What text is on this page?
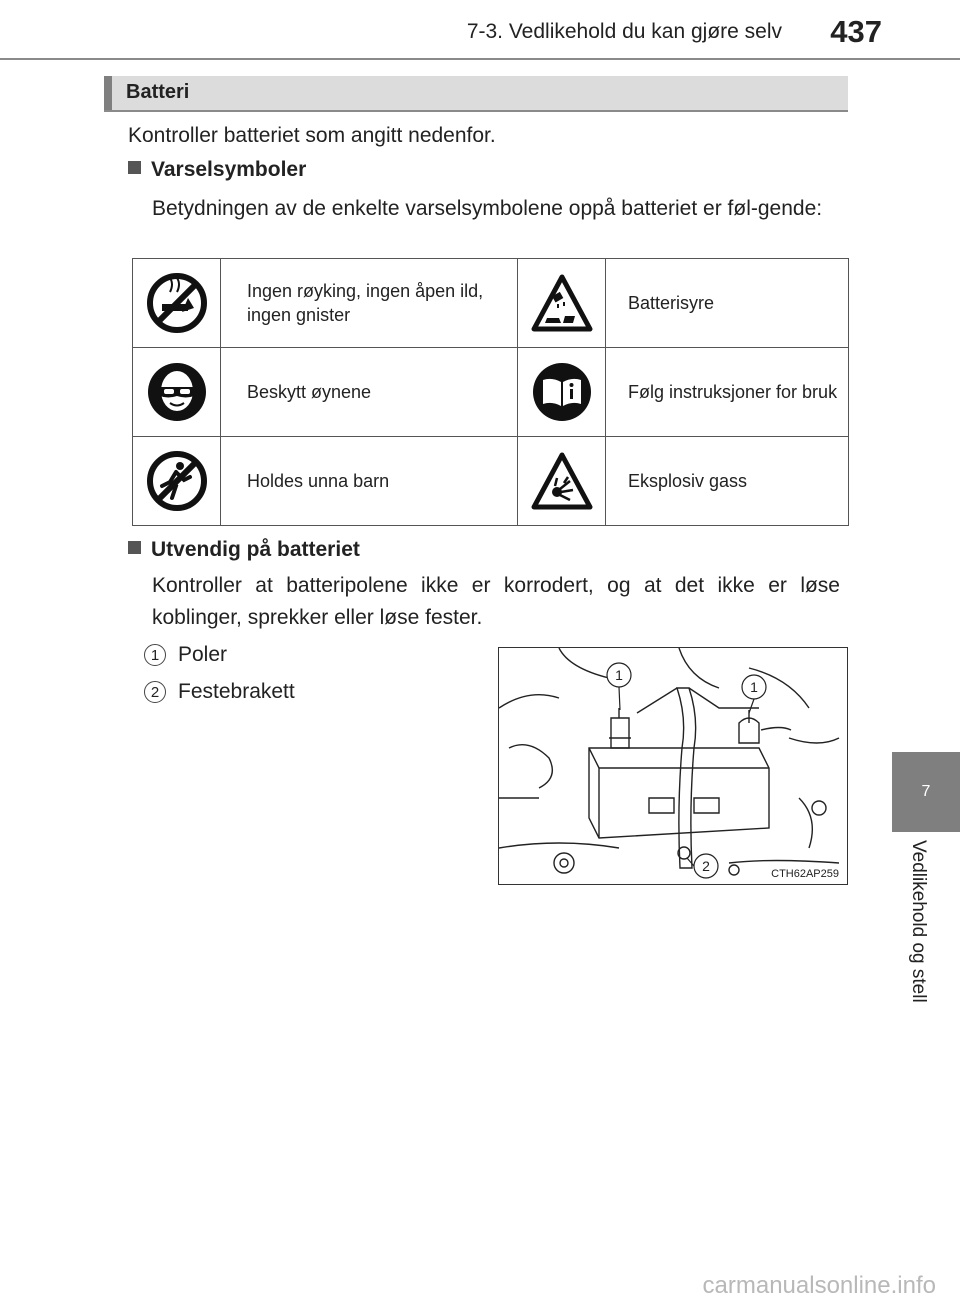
7-3. Vedlikehold du kan gjøre selv	437
7
Vedlikehold og stell
Batteri
Kontroller batteriet som angitt nedenfor.
Varselsymboler
Betydningen av de enkelte varselsymbolene oppå batteriet er føl-gende:
	Ingen røyking, ingen åpen ild, ingen gnister		Batterisyre

	Beskytt øynene		Følg instruksjoner for bruk

	Holdes unna barn		Eksplosiv gass
Utvendig på batteriet
Kontroller at batteripolene ikke er korrodert, og at det ikke er løse koblinger, sprekker eller løse fester.
1 Poler
2 Festebrakett
1
1
2	CTH62AP259
carmanualsonline.info
